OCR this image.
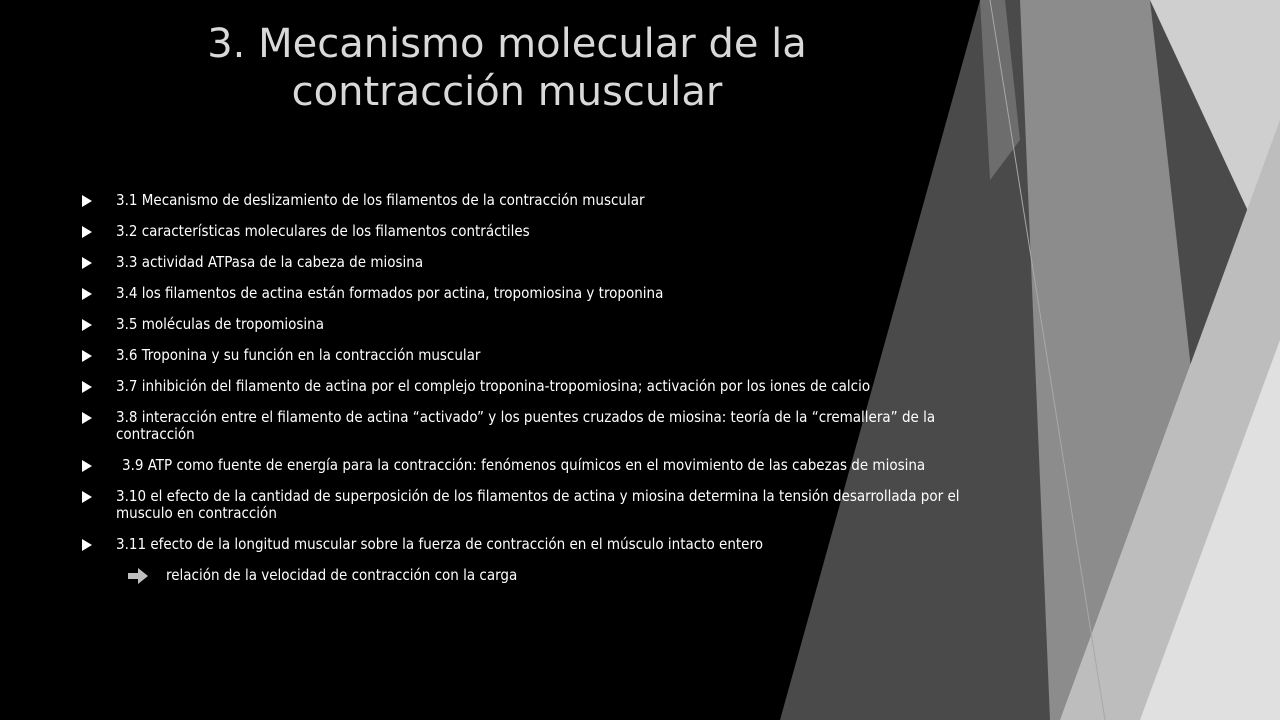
3. Mecanismo molecular de la
contracción muscular
3.1 Mecanismo de deslizamiento de los filamentos de la contracción muscular
3.2 características moleculares de los filamentos contráctiles
3.3 actividad ATPasa de la cabeza de miosina
3.4 los filamentos de actina están formados por actina, tropomiosina y troponina
3.5 moléculas de tropomiosina
3.6 Troponina y su función en la contracción muscular
3.7 inhibición del filamento de actina por el complejo troponina-tropomiosina; activación por los iones de calcio
3.8 interacción entre el filamento de actina “activado” y los puentes cruzados de miosina: teoría de la “cremallera” de la contracción
3.9 ATP como fuente de energía para la contracción: fenómenos químicos en el movimiento de las cabezas de miosina
3.10 el efecto de la cantidad de superposición de los filamentos de actina y miosina determina la tensión desarrollada por el musculo en contracción
3.11 efecto de la longitud muscular sobre la fuerza de contracción en el músculo intacto entero
relación de la velocidad de contracción con la carga
